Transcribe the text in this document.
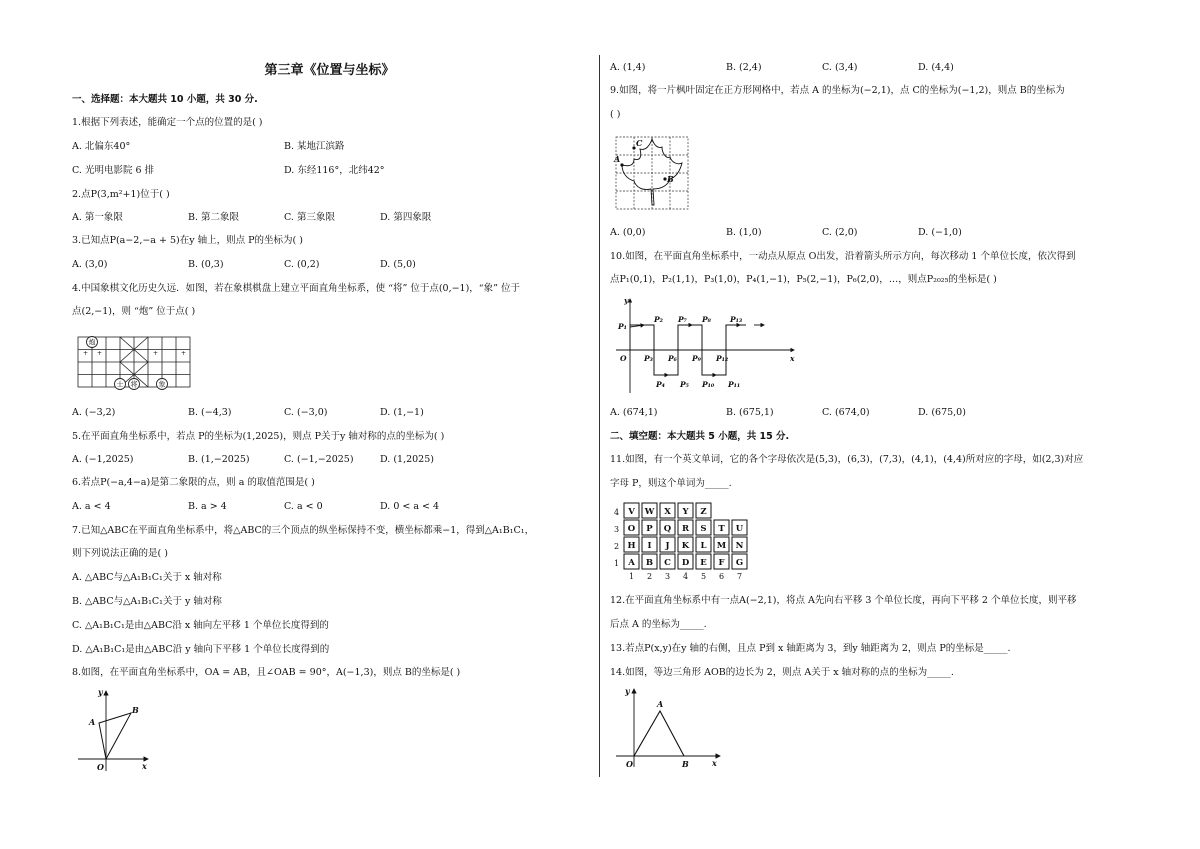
第三章《位置与坐标》
一、选择题：本大题共 10 小题，共 30 分.
1.根据下列表述，能确定一个点的位置的是( )
A. 北偏东40°	B. 某地江滨路
C. 光明电影院 6 排	D. 东经116°，北纬42°
2.点P(3,m²+1)位于( )
A. 第一象限	B. 第二象限	C. 第三象限	D. 第四象限
3.已知点P(a−2,−a + 5)在y 轴上，则点 P的坐标为( )
A. (3,0)	B. (0,3)	C. (0,2)	D. (5,0)
4.中国象棋文化历史久远．如图，若在象棋棋盘上建立平面直角坐标系，使 “将” 位于点(0,−1)，“象” 位于
点(2,−1)，则 “炮” 位于点( )
炮
士 将	象
+ +	+	+
A. (−3,2)	B. (−4,3)	C. (−3,0)	D. (1,−1)
5.在平面直角坐标系中，若点 P的坐标为(1,2025)，则点 P关于y 轴对称的点的坐标为( )
A. (−1,2025)	B. (1,−2025)	C. (−1,−2025)	D. (1,2025)
6.若点P(−a,4−a)是第二象限的点，则 a 的取值范围是( )
A. a < 4	B. a > 4	C. a < 0	D. 0 < a < 4
7.已知△ABC在平面直角坐标系中，将△ABC的三个顶点的纵坐标保持不变，横坐标都乘−1，得到△A₁B₁C₁，
则下列说法正确的是( )
A. △ABC与△A₁B₁C₁关于 x 轴对称
B. △ABC与△A₁B₁C₁关于 y 轴对称
C. △A₁B₁C₁是由△ABC沿 x 轴向左平移 1 个单位长度得到的
D. △A₁B₁C₁是由△ABC沿 y 轴向下平移 1 个单位长度得到的
8.如图，在平面直角坐标系中，OA = AB，且∠OAB = 90°，A(−1,3)，则点 B的坐标是( )
y
x
O
A
B
A. (1,4)	B. (2,4)	C. (3,4)	D. (4,4)
9.如图，将一片枫叶固定在正方形网格中，若点 A 的坐标为(−2,1)，点 C的坐标为(−1,2)，则点 B的坐标为
( )
A
C
B
A. (0,0)	B. (1,0)	C. (2,0)	D. (−1,0)
10.如图，在平面直角坐标系中，一动点从原点 O出发，沿着箭头所示方向，每次移动 1 个单位长度，依次得到
点P₁(0,1)，P₂(1,1)，P₃(1,0)，P₄(1,−1)，P₅(2,−1)，P₆(2,0)，…，则点P₂₀₂₅的坐标是( )
y
x
O
P₁
P₂
P₃
P₄ P₅
P₆
P₇ P₈
P₉
P₁₀ P₁₁
P₁₂
P₁₃
A. (674,1)	B. (675,1)	C. (674,0)	D. (675,0)
二、填空题：本大题共 5 小题，共 15 分.
11.如图，有一个英文单词，它的各个字母依次是(5,3)，(6,3)，(7,3)，(4,1)，(4,4)所对应的字母，如(2,3)对应
字母 P，则这个单词为_____.
4 V W X Y Z
3 O P Q R S T U
2 H I J K L M N
1 A B C D E F G
1 2 3 4 5 6 7
12.在平面直角坐标系中有一点A(−2,1)，将点 A先向右平移 3 个单位长度，再向下平移 2 个单位长度，则平移
后点 A 的坐标为_____.
13.若点P(x,y)在y 轴的右侧，且点 P到 x 轴距离为 3，到y 轴距离为 2，则点 P的坐标是_____.
14.如图，等边三角形 AOB的边长为 2，则点 A关于 x 轴对称的点的坐标为_____.
y
x
O
A
B
